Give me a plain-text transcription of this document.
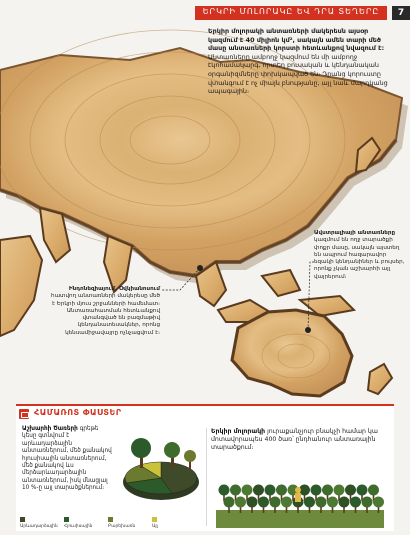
ԵՐԿՐԻ ՄՈԼՈՐԱԿԸ ԵՎ ԴՐԱ ՏԵՂԵՐԸ	7
Երկիր մոլորակի անտառների մակերեսն այսօր կազմում է 40 միլիոն կմ², սակայն ամեն տարի մեծ մասը անտառների կորստի հետևանքով նվազում է։ Անտառները ամբողջ կազմում են մի ամբողջ էկոհամակարգ, որտեղ բուսական և կենդանական օրգանիզմները փոխկապված են։ Դրանց կորուստը վտանգում է ոչ միայն բնությանը, այլ նաև մարդկանց ապագային։
Ինդոնեզիայում, Օվկիանոսում հատվող անտառների մակերեսը մեծ է Երկրի մյուս շրջանների համեմատ։ Անտառահատման հետևանքով վտանգված են բազմաթիվ կենդանատեսակներ, որոնց կենսամիջավայրը ոչնչացվում է։
Ավստրալիայի անտառները կազմում են ողջ տարածքի փոքր մասը, սակայն այստեղ են ապրում հազարավոր եզակի կենդանիներ և բույսեր, որոնք չկան աշխարհի այլ վայրերում։
ՀԱՄԱՌՈՏ ՓԱՍՏԵՐ
Աշխարհի Ծառերի գրեթե կեսը գտնվում է արևադարձային անտառներում, մեծ քանակով հյուսիսային անտառներում, մեծ քանակով ևս մերձարևադարձային անտառներում, իսկ մնացյալ 10 %-ը այլ տարածքներում։
Արևադարձային Հյուսիսային	Բարեխառն	Այլ
Երկիր մոլորակի յուրաքանչյուր բնակչի համար կա մոտավորապես 400 ծառ՝ ընդհանուր անտառային տարածքում։
